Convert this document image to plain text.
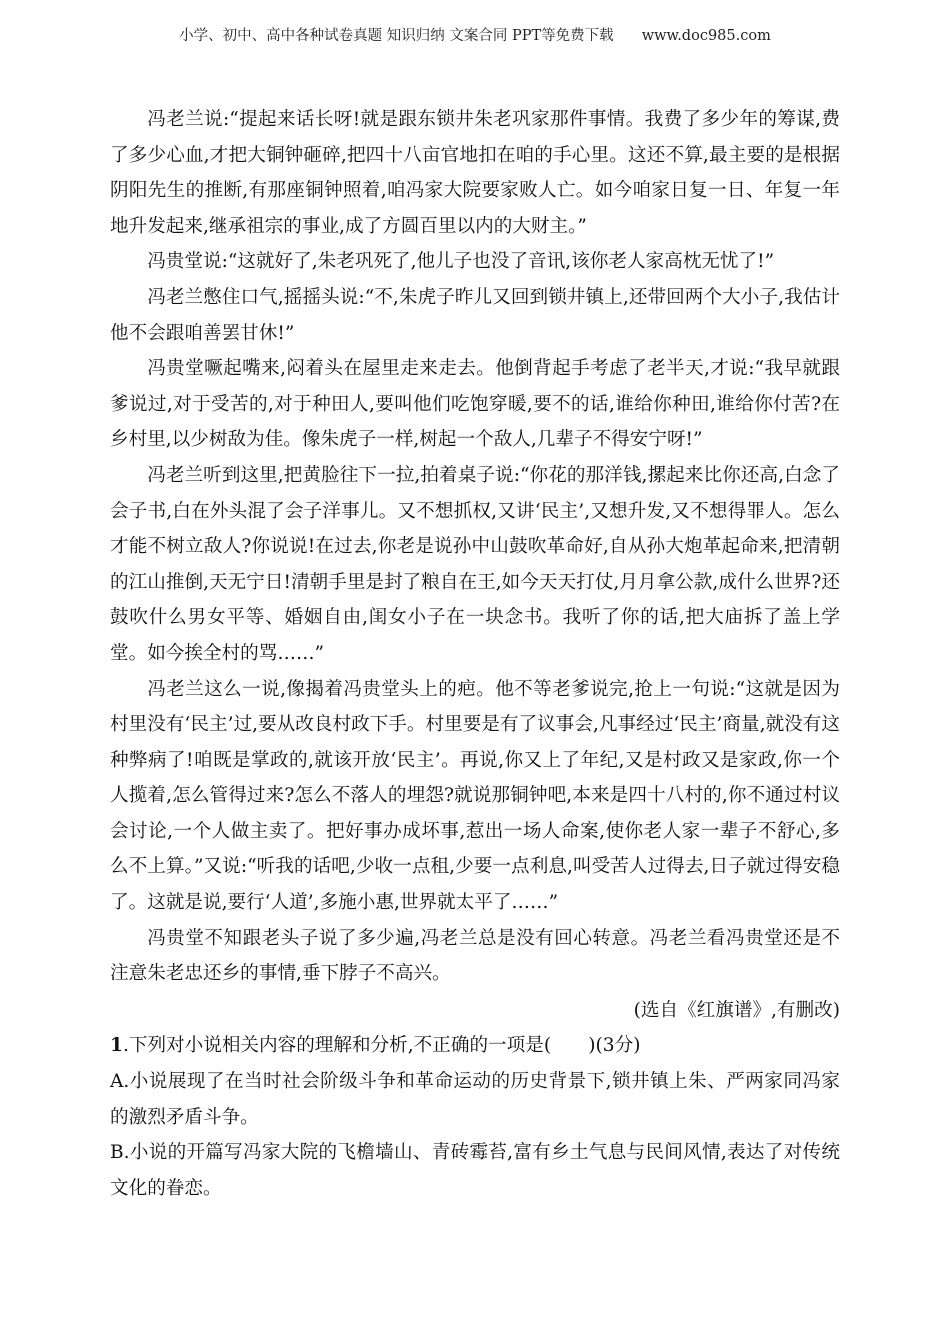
小学、初中、高中各种试卷真题 知识归纳 文案合同 PPT等免费下载 www.doc985.com

冯老兰说:“提起来话长呀!就是跟东锁井朱老巩家那件事情。我费了多少年的筹谋,费了多少心血,才把大铜钟砸碎,把四十八亩官地扣在咱的手心里。这还不算,最主要的是根据阴阳先生的推断,有那座铜钟照着,咱冯家大院要家败人亡。如今咱家日复一日、年复一年地升发起来,继承祖宗的事业,成了方圆百里以内的大财主。”

冯贵堂说:“这就好了,朱老巩死了,他儿子也没了音讯,该你老人家高枕无忧了!”

冯老兰憋住口气,摇摇头说:“不,朱虎子昨儿又回到锁井镇上,还带回两个大小子,我估计他不会跟咱善罢甘休!”

冯贵堂噘起嘴来,闷着头在屋里走来走去。他倒背起手考虑了老半天,才说:“我早就跟爹说过,对于受苦的,对于种田人,要叫他们吃饱穿暖,要不的话,谁给你种田,谁给你付苦?在乡村里,以少树敌为佳。像朱虎子一样,树起一个敌人,几辈子不得安宁呀!”

冯老兰听到这里,把黄脸往下一拉,拍着桌子说:“你花的那洋钱,摞起来比你还高,白念了会子书,白在外头混了会子洋事儿。又不想抓权,又讲‘民主’,又想升发,又不想得罪人。怎么才能不树立敌人?你说说!在过去,你老是说孙中山鼓吹革命好,自从孙大炮革起命来,把清朝的江山推倒,天无宁日!清朝手里是封了粮自在王,如今天天打仗,月月拿公款,成什么世界?还鼓吹什么男女平等、婚姻自由,闺女小子在一块念书。我听了你的话,把大庙拆了盖上学堂。如今挨全村的骂……”

冯老兰这么一说,像揭着冯贵堂头上的疤。他不等老爹说完,抢上一句说:“这就是因为村里没有‘民主’过,要从改良村政下手。村里要是有了议事会,凡事经过‘民主’商量,就没有这种弊病了!咱既是掌政的,就该开放‘民主’。再说,你又上了年纪,又是村政又是家政,你一个人揽着,怎么管得过来?怎么不落人的埋怨?就说那铜钟吧,本来是四十八村的,你不通过村议会讨论,一个人做主卖了。把好事办成坏事,惹出一场人命案,使你老人家一辈子不舒心,多么不上算。”又说:“听我的话吧,少收一点租,少要一点利息,叫受苦人过得去,日子就过得安稳了。这就是说,要行‘人道’,多施小惠,世界就太平了……”

冯贵堂不知跟老头子说了多少遍,冯老兰总是没有回心转意。冯老兰看冯贵堂还是不注意朱老忠还乡的事情,垂下脖子不高兴。

(选自《红旗谱》,有删改)

1.下列对小说相关内容的理解和分析,不正确的一项是(　　)(3分)

A.小说展现了在当时社会阶级斗争和革命运动的历史背景下,锁井镇上朱、严两家同冯家的激烈矛盾斗争。

B.小说的开篇写冯家大院的飞檐墙山、青砖霉苔,富有乡土气息与民间风情,表达了对传统文化的眷恋。
